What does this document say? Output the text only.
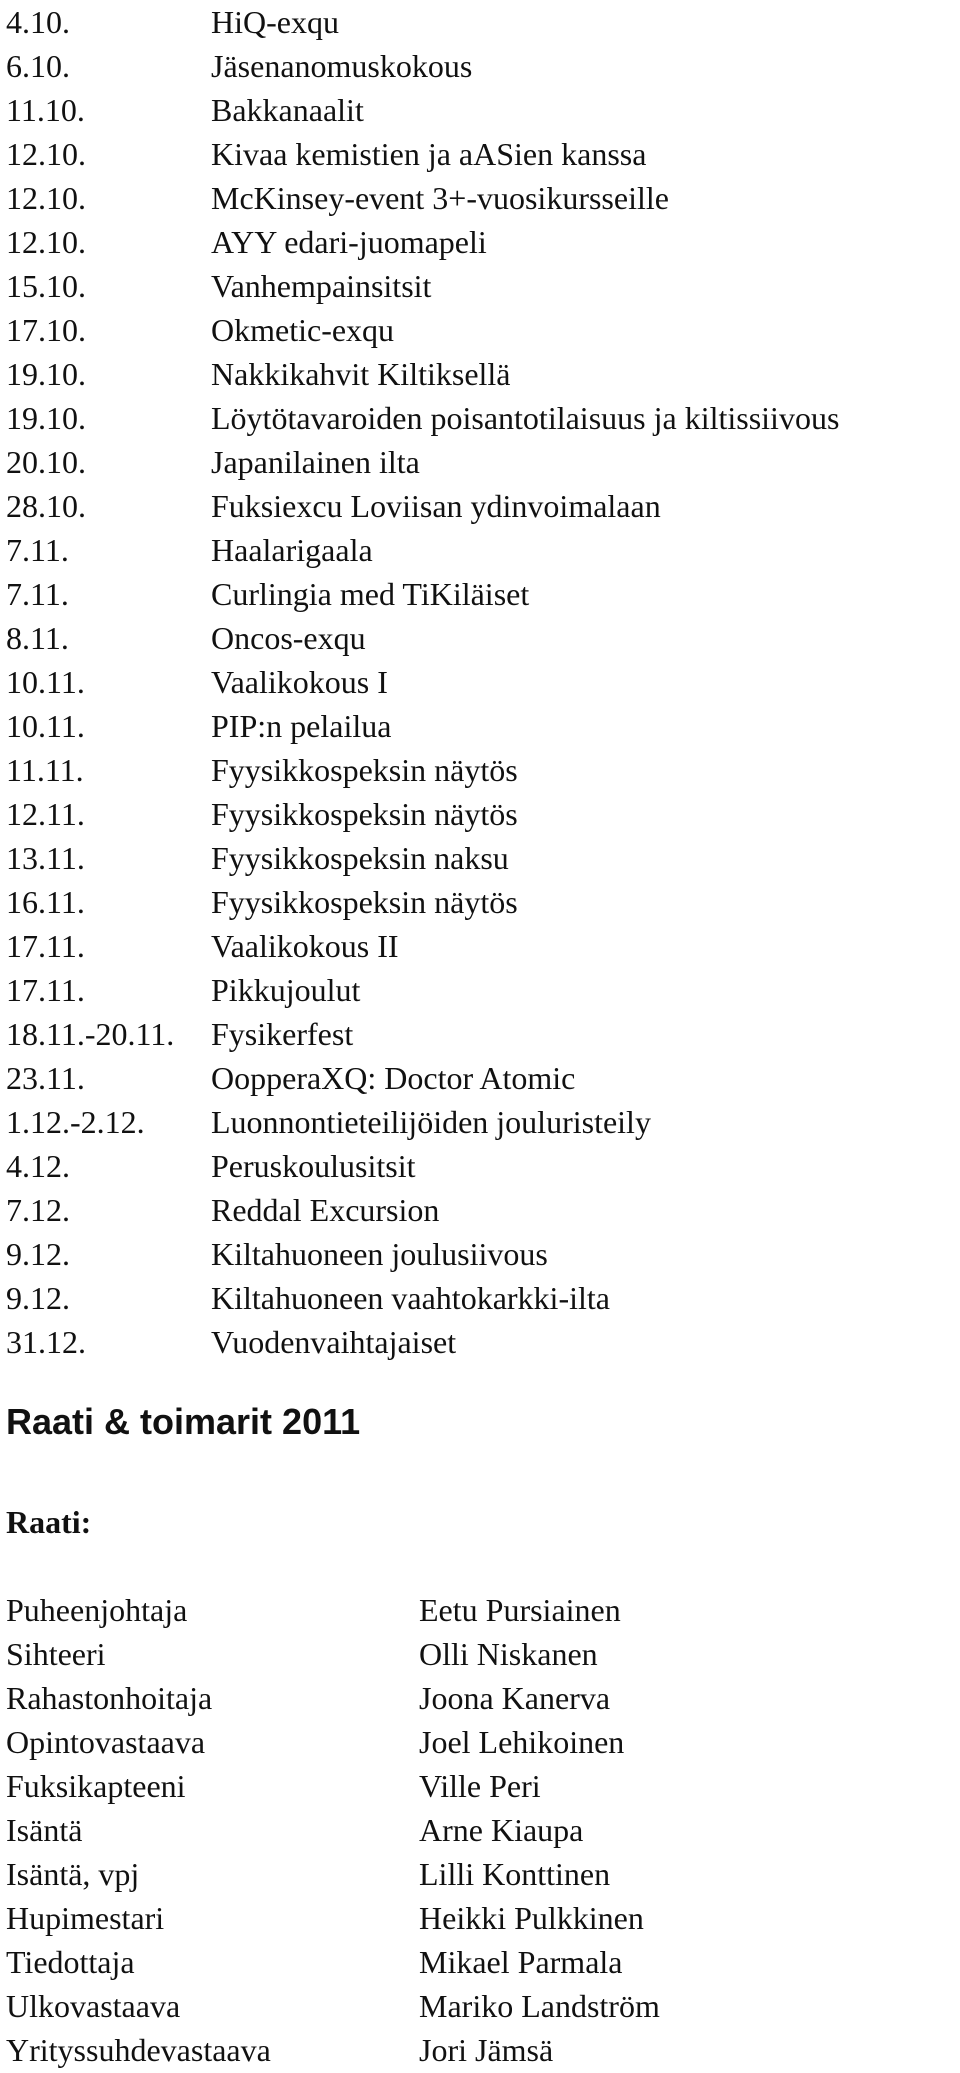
4.10.	HiQ-exqu
6.10.	Jäsenanomuskokous
11.10.	Bakkanaalit
12.10.	Kivaa kemistien ja aASien kanssa
12.10.	McKinsey-event 3+-vuosikursseille
12.10.	AYY edari-juomapeli
15.10.	Vanhempainsitsit
17.10.	Okmetic-exqu
19.10.	Nakkikahvit Kiltiksellä
19.10.	Löytötavaroiden poisantotilaisuus ja kiltissiivous
20.10.	Japanilainen ilta
28.10.	Fuksiexcu Loviisan ydinvoimalaan
7.11.	Haalarigaala
7.11.	Curlingia med TiKiläiset
8.11.	Oncos-exqu
10.11.	Vaalikokous I
10.11.	PIP:n pelailua
11.11.	Fyysikkospeksin näytös
12.11.	Fyysikkospeksin näytös
13.11.	Fyysikkospeksin naksu
16.11.	Fyysikkospeksin näytös
17.11.	Vaalikokous II
17.11.	Pikkujoulut
18.11.-20.11. Fysikerfest
23.11.	OopperaXQ: Doctor Atomic
1.12.-2.12. Luonnontieteilijöiden jouluristeily
4.12.	Peruskoulusitsit
7.12.	Reddal Excursion
9.12.	Kiltahuoneen joulusiivous
9.12.	Kiltahuoneen vaahtokarkki-ilta
31.12.	Vuodenvaihtajaiset
Raati & toimarit 2011
Raati:
Puheenjohtaja	Eetu Pursiainen
Sihteeri	Olli Niskanen
Rahastonhoitaja	Joona Kanerva
Opintovastaava	Joel Lehikoinen
Fuksikapteeni	Ville Peri
Isäntä	Arne Kiaupa
Isäntä, vpj	Lilli Konttinen
Hupimestari	Heikki Pulkkinen
Tiedottaja	Mikael Parmala
Ulkovastaava	Mariko Landström
Yrityssuhdevastaava	Jori Jämsä
